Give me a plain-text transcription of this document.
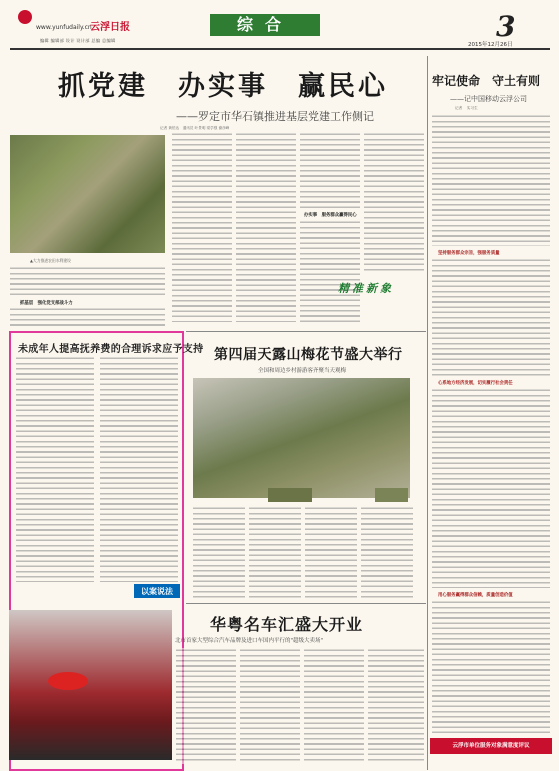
云浮日报
www.yunfudaily.cn
编辑 编辑部 设计 设计部 总编 总编辑
综合	3
2015年12月26日
抓党建　办实事　赢民心
——罗定市华石镇推进基层党建工作侧记
记者 黄伯达　通讯员 叶景明 梁学强 谢彦峰
▲大力推进农田水利建设
抓基层　强化党支部战斗力
办实事　服务群众赢得民心
精准新象
牢记使命　守土有则
——记中国移动云浮公司
记者 　实习生
坚持服务群众宗旨，强服务质量
心系地方经济发展，切实履行社会责任
用心服务赢得群众信赖，质量创造价值
云浮市单位服务对象满意度评议
未成年人提高抚养费的合理诉求应予支持
以案说法
第四届天露山梅花节盛大举行
全国和周边乡村游游客齐聚当天观梅
华粤名车汇盛大开业
北市首家大型综合汽车品牌及进口车国内平行的"超级大卖场"
